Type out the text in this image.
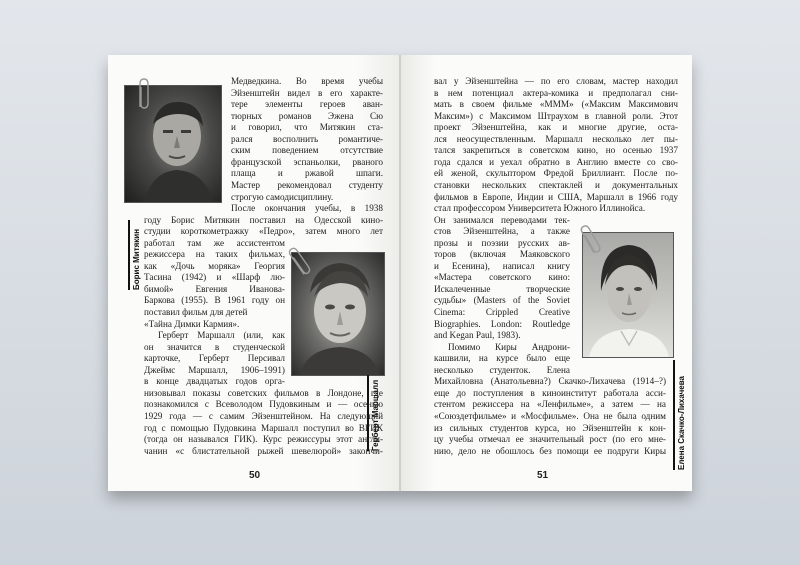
Борис Митякин
Герберт Маршалл
Медведкина. Во время учебы
Эйзенштейн видел в его характе-
тере элементы героев аван-
тюрных романов Эжена Сю
и говорил, что Митякин ста-
рался восполнить романтиче-
ским поведением отсутствие
французской эспаньолки, рваного
плаща и ржавой шпаги.
Мастер рекомендовал студенту
строгую самодисциплину.
После окончания учебы, в 1938
году Борис Митякин поставил на Одесской кино-
студии короткометражку «Педро», затем много лет
работал там же ассистентом
режиссера на таких фильмах,
как «Дочь моряка» Георгия
Тасина (1942) и «Шарф лю-
бимой» Евгения Иванова-
Баркова (1955). В 1961 году он
поставил фильм для детей
«Тайна Димки Кармия».
Герберт Маршалл (или, как
он значится в студенческой
карточке, Герберт Персивал
Джеймс Маршалл, 1906–1991)
в конце двадцатых годов орга-
низовывал показы советских фильмов в Лондоне, где
познакомился с Всеволодом Пудовкиным и — осенью
1929 года — с самим Эйзенштейном. На следующий
год с помощью Пудовкина Маршалл поступил во ВГИК
(тогда он назывался ГИК). Курс режиссуры этот англи-
чанин «с блистательной рыжей шевелюрой» закончи-
50
Елена Скачко-Лихачева
вал у Эйзенштейна — по его словам, мастер находил
в нем потенциал актера-комика и предполагал сни-
мать в своем фильме «МММ» («Максим Максимович
Максим») с Максимом Штраухом в главной роли. Этот
проект Эйзенштейна, как и многие другие, оста-
лся неосуществленным. Маршалл несколько лет пы-
тался закрепиться в советском кино, но осенью 1937
года сдался и уехал обратно в Англию вместе со сво-
ей женой, скульптором Фредой Бриллиант. После по-
становки нескольких спектаклей и документальных
фильмов в Европе, Индии и США, Маршалл в 1966 году
стал профессором Университета Южного Иллинойса.
Он занимался переводами тек-
стов Эйзенштейна, а также
прозы и поэзии русских ав-
торов (включая Маяковского
и Есенина), написал книгу
«Мастера советского кино:
Искалеченные творческие
судьбы» (Masters of the Soviet
Cinema: Crippled Creative
Biographies. London: Routledge
and Kegan Paul, 1983).
Помимо Киры Андрони-
кашвили, на курсе было еще
несколько студенток. Елена
Михайловна (Анатольевна?) Скачко-Лихачева (1914–?)
еще до поступления в киноинститут работала асси-
стентом режиссера на «Ленфильме», а затем — на
«Союздетфильме» и «Мосфильме». Она не была одним
из сильных студентов курса, но Эйзенштейн к кон-
цу учебы отмечал ее значительный рост (по его мне-
нию, дело не обошлось без помощи ее подруги Киры
51
